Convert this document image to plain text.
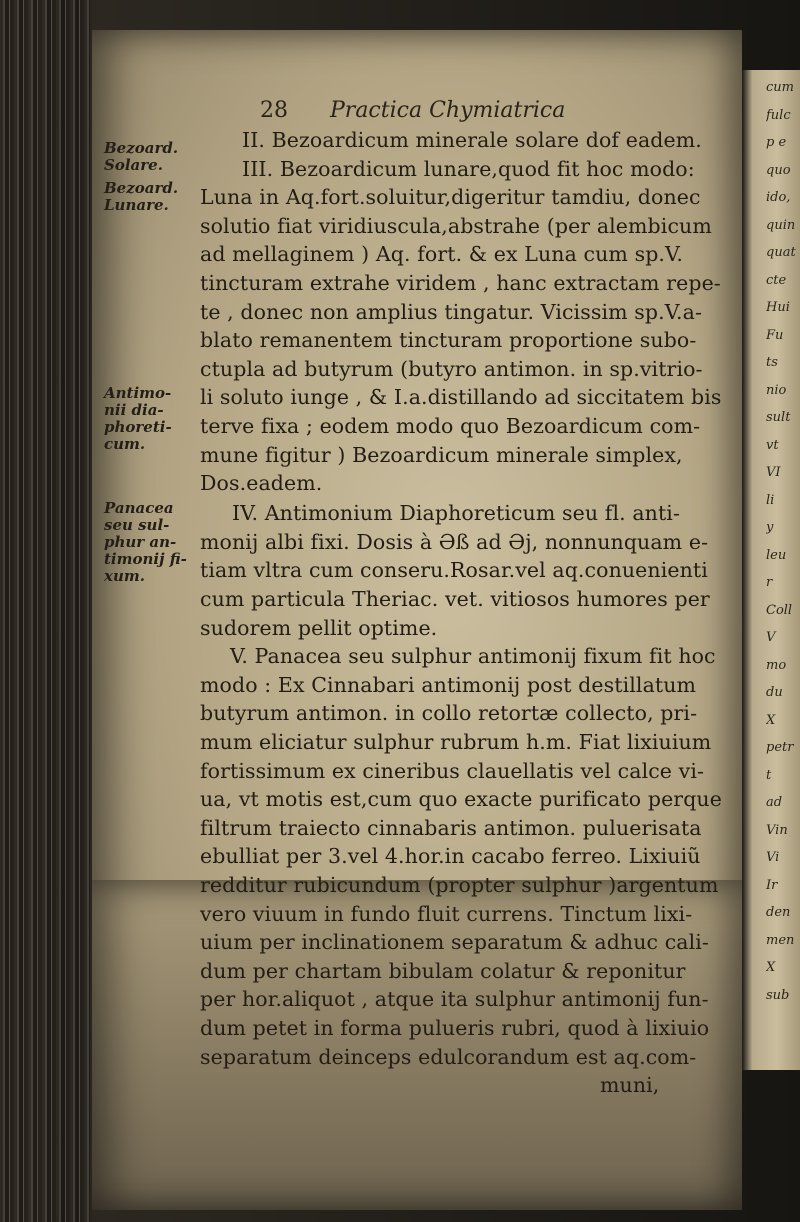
cum
fulc
p e
quo
ido,
quin
quat
cte
Hui
Fu
ts
nio
sult
vt
VI
li
y
leu
r
Coll
V
mo
du
X
petr
t
ad
Vin
Vi
Ir
den
men
X
sub
28 Practica Chymiatrica
Bezoard.
Solare.
Bezoard.
Lunare.
Antimo-
nii dia-
phoreti-
cum.
Panacea
seu sul-
phur an-
timonij fi-
xum.
II. Bezoardicum minerale solare dof eadem.
III. Bezoardicum lunare,quod fit hoc modo:
Luna in Aq.fort.soluitur,digeritur tamdiu, donec
solutio fiat viridiuscula,abstrahe (per alembicum
ad mellaginem ) Aq. fort. & ex Luna cum sp.V.
tincturam extrahe viridem , hanc extractam repe-
te , donec non amplius tingatur. Vicissim sp.V.a-
blato remanentem tincturam proportione subo-
ctupla ad butyrum (butyro antimon. in sp.vitrio-
li soluto iunge , & I.a.distillando ad siccitatem bis
terve fixa ; eodem modo quo Bezoardicum com-
mune figitur ) Bezoardicum minerale simplex,
Dos.eadem.
IV. Antimonium Diaphoreticum seu fl. anti-
monij albi fixi. Dosis à Əß ad Əj, nonnunquam e-
tiam vltra cum conseru.Rosar.vel aq.conuenienti
cum particula Theriac. vet. vitiosos humores per
sudorem pellit optime.
V. Panacea seu sulphur antimonij fixum fit hoc
modo : Ex Cinnabari antimonij post destillatum
butyrum antimon. in collo retortæ collecto, pri-
mum eliciatur sulphur rubrum h.m. Fiat lixiuium
fortissimum ex cineribus clauellatis vel calce vi-
ua, vt motis est,cum quo exacte purificato perque
filtrum traiecto cinnabaris antimon. puluerisata
ebulliat per 3.vel 4.hor.in cacabo ferreo. Lixiuiũ
redditur rubicundum (propter sulphur )argentum
vero viuum in fundo fluit currens. Tinctum lixi-
uium per inclinationem separatum & adhuc cali-
dum per chartam bibulam colatur & reponitur
per hor.aliquot , atque ita sulphur antimonij fun-
dum petet in forma pulueris rubri, quod à lixiuio
separatum deinceps edulcorandum est aq.com-
muni,
